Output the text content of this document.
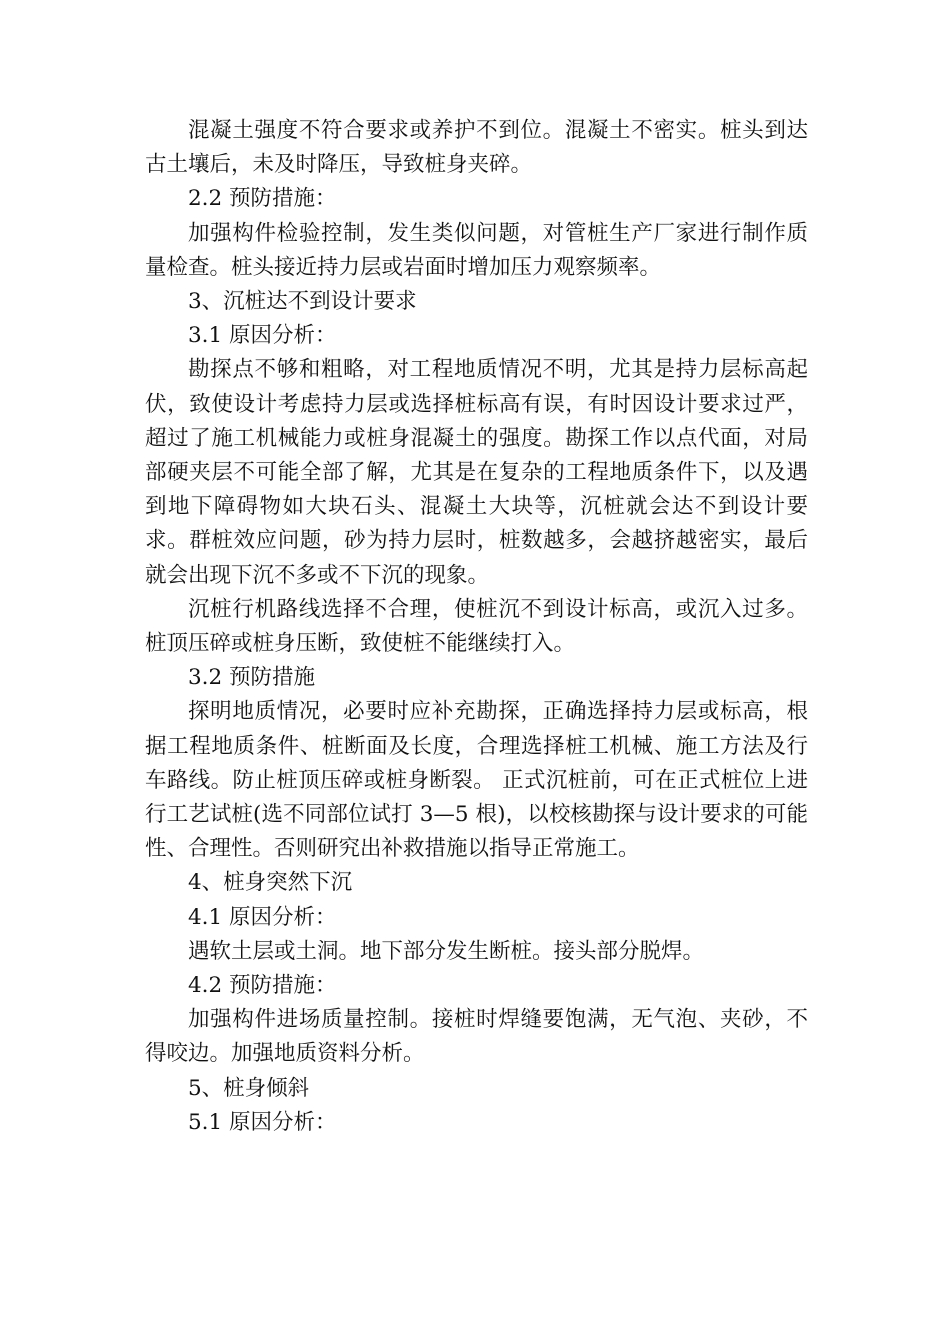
混凝土强度不符合要求或养护不到位。混凝土不密实。桩头到达古土壤后，未及时降压，导致桩身夹碎。

2.2 预防措施：

加强构件检验控制，发生类似问题，对管桩生产厂家进行制作质量检查。桩头接近持力层或岩面时增加压力观察频率。

3、沉桩达不到设计要求

3.1 原因分析：

勘探点不够和粗略，对工程地质情况不明，尤其是持力层标高起伏，致使设计考虑持力层或选择桩标高有误，有时因设计要求过严，超过了施工机械能力或桩身混凝土的强度。勘探工作以点代面，对局部硬夹层不可能全部了解，尤其是在复杂的工程地质条件下，以及遇到地下障碍物如大块石头、混凝土大块等，沉桩就会达不到设计要求。群桩效应问题，砂为持力层时，桩数越多，会越挤越密实，最后就会出现下沉不多或不下沉的现象。

沉桩行机路线选择不合理，使桩沉不到设计标高，或沉入过多。桩顶压碎或桩身压断，致使桩不能继续打入。

3.2 预防措施

探明地质情况，必要时应补充勘探，正确选择持力层或标高，根据工程地质条件、桩断面及长度，合理选择桩工机械、施工方法及行车路线。防止桩顶压碎或桩身断裂。 正式沉桩前，可在正式桩位上进行工艺试桩(选不同部位试打 3—5 根)，以校核勘探与设计要求的可能性、合理性。否则研究出补救措施以指导正常施工。

4、桩身突然下沉

4.1 原因分析：

遇软土层或土洞。地下部分发生断桩。接头部分脱焊。

4.2 预防措施：

加强构件进场质量控制。接桩时焊缝要饱满，无气泡、夹砂，不得咬边。加强地质资料分析。

5、桩身倾斜

5.1 原因分析：
